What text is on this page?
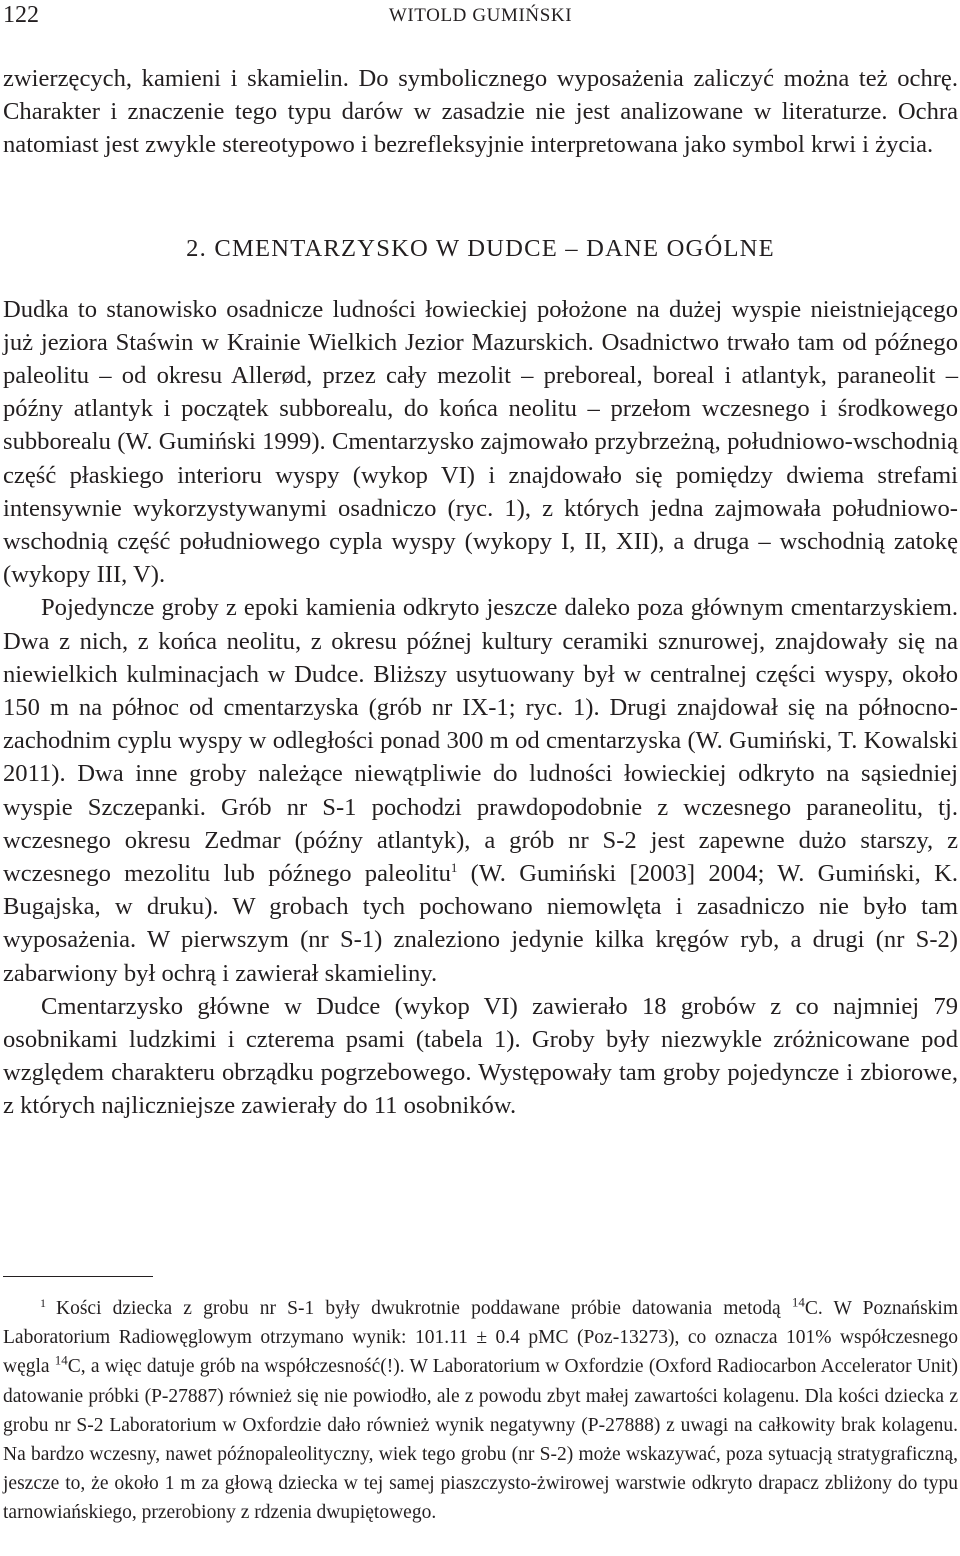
122	WITOLD GUMIŃSKI

zwierzęcych, kamieni i skamielin. Do symbolicznego wyposażenia zaliczyć można też ochrę. Charakter i znaczenie tego typu darów w zasadzie nie jest analizowane w literaturze. Ochra natomiast jest zwykle stereotypowo i bezrefleksyjnie interpretowana jako symbol krwi i życia.

2. CMENTARZYSKO W DUDCE – DANE OGÓLNE

Dudka to stanowisko osadnicze ludności łowieckiej położone na dużej wyspie nieistniejącego już jeziora Staświn w Krainie Wielkich Jezior Mazurskich. Osadnictwo trwało tam od późnego paleolitu – od okresu Allerød, przez cały mezolit – preboreal, boreal i atlantyk, paraneolit – późny atlantyk i początek subborealu, do końca neolitu – przełom wczesnego i środkowego subborealu (W. Gumiński 1999). Cmentarzysko zajmowało przybrzeżną, południowo-wschodnią część płaskiego interioru wyspy (wykop VI) i znajdowało się pomiędzy dwiema strefami intensywnie wykorzystywanymi osadniczo (ryc. 1), z których jedna zajmowała południowo-wschodnią część południowego cypla wyspy (wykopy I, II, XII), a druga – wschodnią zatokę (wykopy III, V).

Pojedyncze groby z epoki kamienia odkryto jeszcze daleko poza głównym cmentarzyskiem. Dwa z nich, z końca neolitu, z okresu późnej kultury ceramiki sznurowej, znajdowały się na niewielkich kulminacjach w Dudce. Bliższy usytuowany był w centralnej części wyspy, około 150 m na północ od cmentarzyska (grób nr IX-1; ryc. 1). Drugi znajdował się na północno-zachodnim cyplu wyspy w odległości ponad 300 m od cmentarzyska (W. Gumiński, T. Kowalski 2011). Dwa inne groby należące niewątpliwie do ludności łowieckiej odkryto na sąsiedniej wyspie Szczepanki. Grób nr S-1 pochodzi prawdopodobnie z wczesnego paraneolitu, tj. wczesnego okresu Zedmar (późny atlantyk), a grób nr S-2 jest zapewne dużo starszy, z wczesnego mezolitu lub późnego paleolitu$^1$ (W. Gumiński [2003] 2004; W. Gumiński, K. Bugajska, w druku). W grobach tych pochowano niemowlęta i zasadniczo nie było tam wyposażenia. W pierwszym (nr S-1) znaleziono jedynie kilka kręgów ryb, a drugi (nr S-2) zabarwiony był ochrą i zawierał skamieliny.

Cmentarzysko główne w Dudce (wykop VI) zawierało 18 grobów z co najmniej 79 osobnikami ludzkimi i czterema psami (tabela 1). Groby były niezwykle zróżnicowane pod względem charakteru obrządku pogrzebowego. Występowały tam groby pojedyncze i zbiorowe, z których najliczniejsze zawierały do 11 osobników.

$^1$ Kości dziecka z grobu nr S-1 były dwukrotnie poddawane próbie datowania metodą $^{14}$C. W Poznańskim Laboratorium Radiowęglowym otrzymano wynik: 101.11 ± 0.4 pMC (Poz-13273), co oznacza 101% współczesnego węgla $^{14}$C, a więc datuje grób na współczesność(!). W Laboratorium w Oxfordzie (Oxford Radiocarbon Accelerator Unit) datowanie próbki (P-27887) również się nie powiodło, ale z powodu zbyt małej zawartości kolagenu. Dla kości dziecka z grobu nr S-2 Laboratorium w Oxfordzie dało również wynik negatywny (P-27888) z uwagi na całkowity brak kolagenu. Na bardzo wczesny, nawet późnopaleolityczny, wiek tego grobu (nr S-2) może wskazywać, poza sytuacją stratygraficzną, jeszcze to, że około 1 m za głową dziecka w tej samej piaszczysto-żwirowej warstwie odkryto drapacz zbliżony do typu tarnowiańskiego, przerobiony z rdzenia dwupiętowego.
